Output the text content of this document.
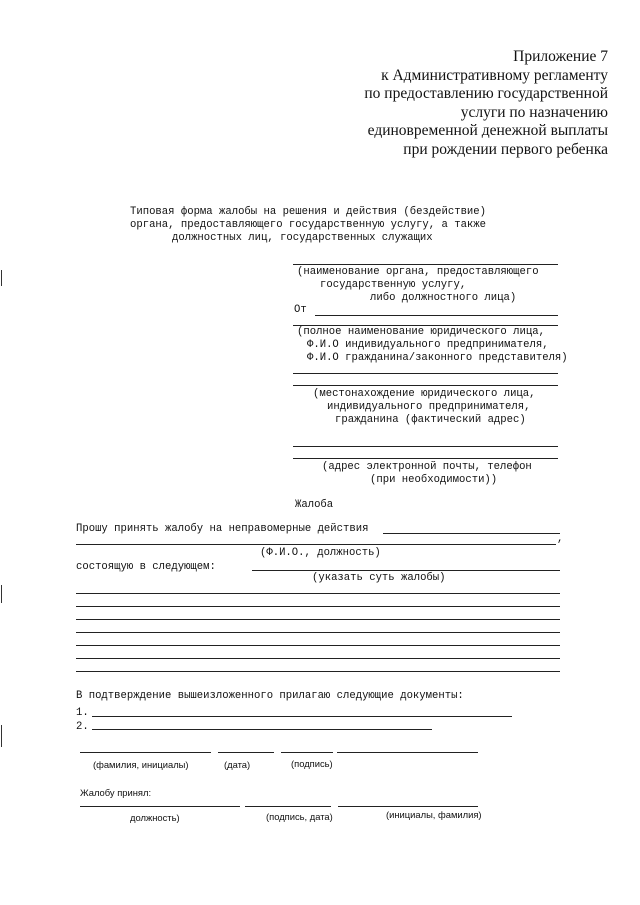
Приложение 7
к Административному регламенту
по предоставлению государственной
услуги по назначению
единовременной денежной выплаты
при рождении первого ребенка
Типовая форма жалобы на решения и действия (бездействие)
органа, предоставляющего государственную услугу, а также
должностных лиц, государственных служащих
(наименование органа, предоставляющего
государственную услугу,
либо должностного лица)
От
(полное наименование юридического лица,
Ф.И.О индивидуального предпринимателя,
Ф.И.О гражданина/законного представителя)
(местонахождение юридического лица,
индивидуального предпринимателя,
гражданина (фактический адрес)
(адрес электронной почты, телефон
(при необходимости))
Жалоба
Прошу принять жалобу на неправомерные действия
,
(Ф.И.О., должность)
состоящую в следующем:
(указать суть жалобы)
В подтверждение вышеизложенного прилагаю следующие документы:
1.
2.
(фамилия, инициалы)	(дата)	(подпись)
Жалобу принял:
должность)	(подпись, дата)	(инициалы, фамилия)
